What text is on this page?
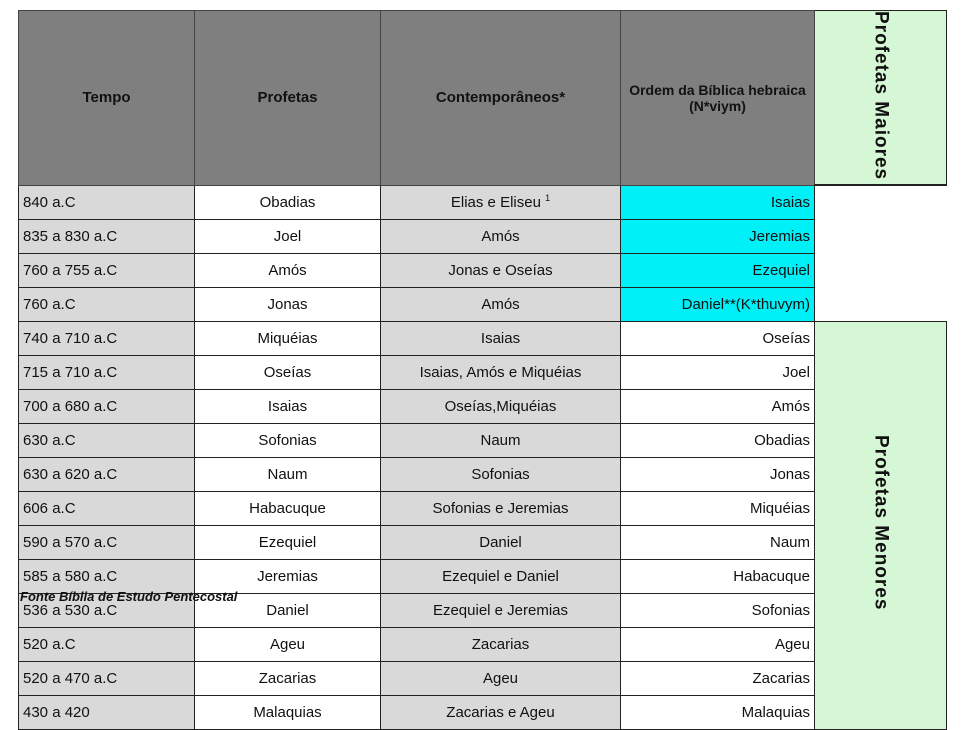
Tempo	Profetas	Contemporâneos*	Ordem da Bíblica hebraica (N*viym)	Profetas Maiores
840 a.C	Obadias	Elias e Eliseu $^1$	Isaias	
835 a 830 a.C	Joel	Amós	Jeremias	
760 a 755 a.C	Amós	Jonas e Oseías	Ezequiel	
760 a.C	Jonas	Amós	Daniel**(K*thuvym)	
740 a 710 a.C	Miquéias	Isaias	Oseías	Profetas Menores
715 a 710 a.C	Oseías	Isaias, Amós e Miquéias	Joel	
700 a 680 a.C	Isaias	Oseías,Miquéias	Amós	
630 a.C	Sofonias	Naum	Obadias	
630 a 620 a.C	Naum	Sofonias	Jonas	
606 a.C	Habacuque	Sofonias e Jeremias	Miquéias	
590 a 570 a.C	Ezequiel	Daniel	Naum	
585 a 580 a.C	Jeremias	Ezequiel e Daniel	Habacuque	
536 a 530 a.C	Daniel	Ezequiel e Jeremias	Sofonias	
520 a.C	Ageu	Zacarias	Ageu	
520 a 470 a.C	Zacarias	Ageu	Zacarias	
430 a 420	Malaquias	Zacarias e Ageu	Malaquias	
Fonte Bíblia de Estudo Pentecostal
